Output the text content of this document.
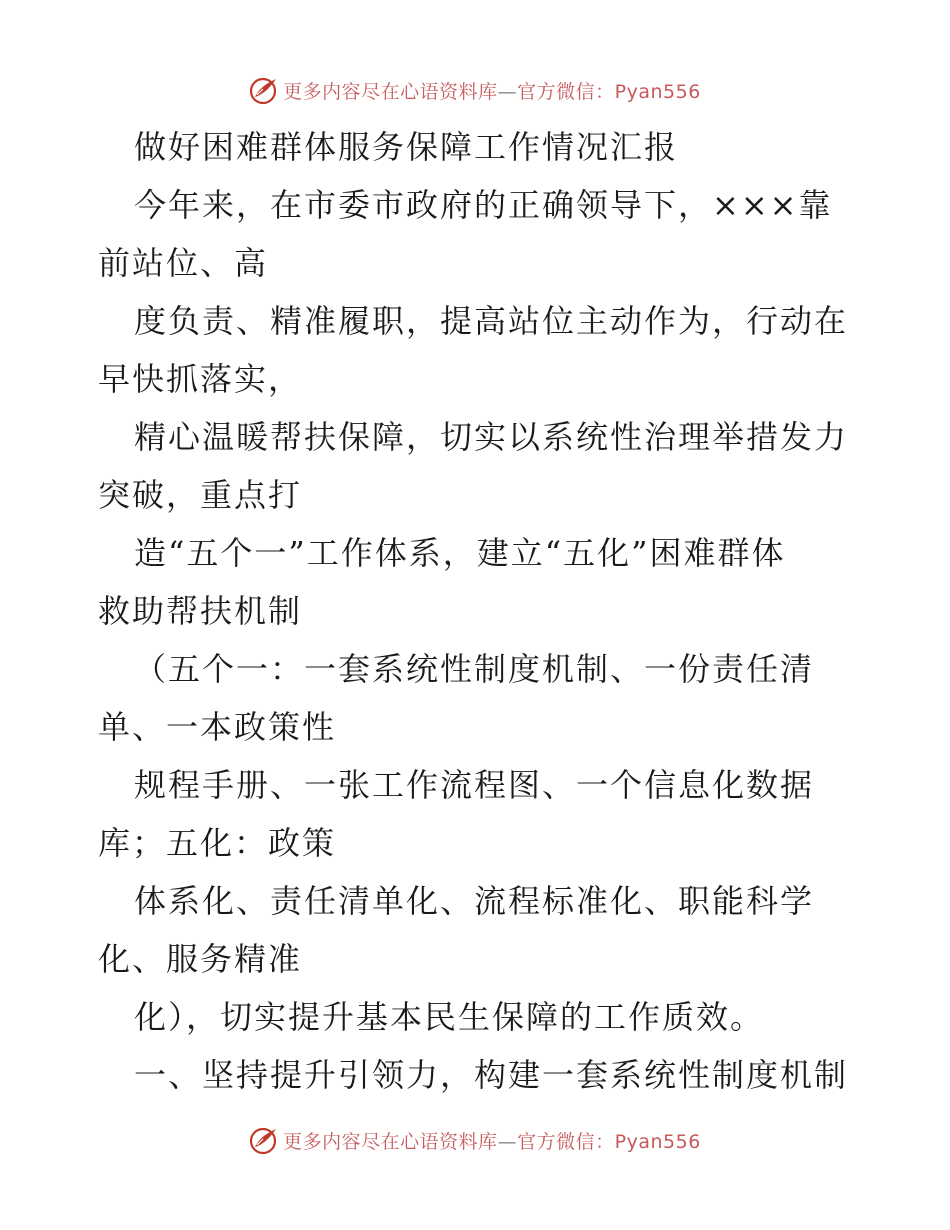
更多内容尽在心语资料库—官方微信：Pyan556
做好困难群体服务保障工作情况汇报
今年来，在市委市政府的正确领导下，×××靠
前站位、高
度负责、精准履职，提高站位主动作为，行动在
早快抓落实，
精心温暖帮扶保障，切实以系统性治理举措发力
突破，重点打
造“五个一”工作体系，建立“五化”困难群体
救助帮扶机制
（五个一：一套系统性制度机制、一份责任清
单、一本政策性
规程手册、一张工作流程图、一个信息化数据
库；五化：政策
体系化、责任清单化、流程标准化、职能科学
化、服务精准
化），切实提升基本民生保障的工作质效。
一、坚持提升引领力，构建一套系统性制度机制
更多内容尽在心语资料库—官方微信：Pyan556
